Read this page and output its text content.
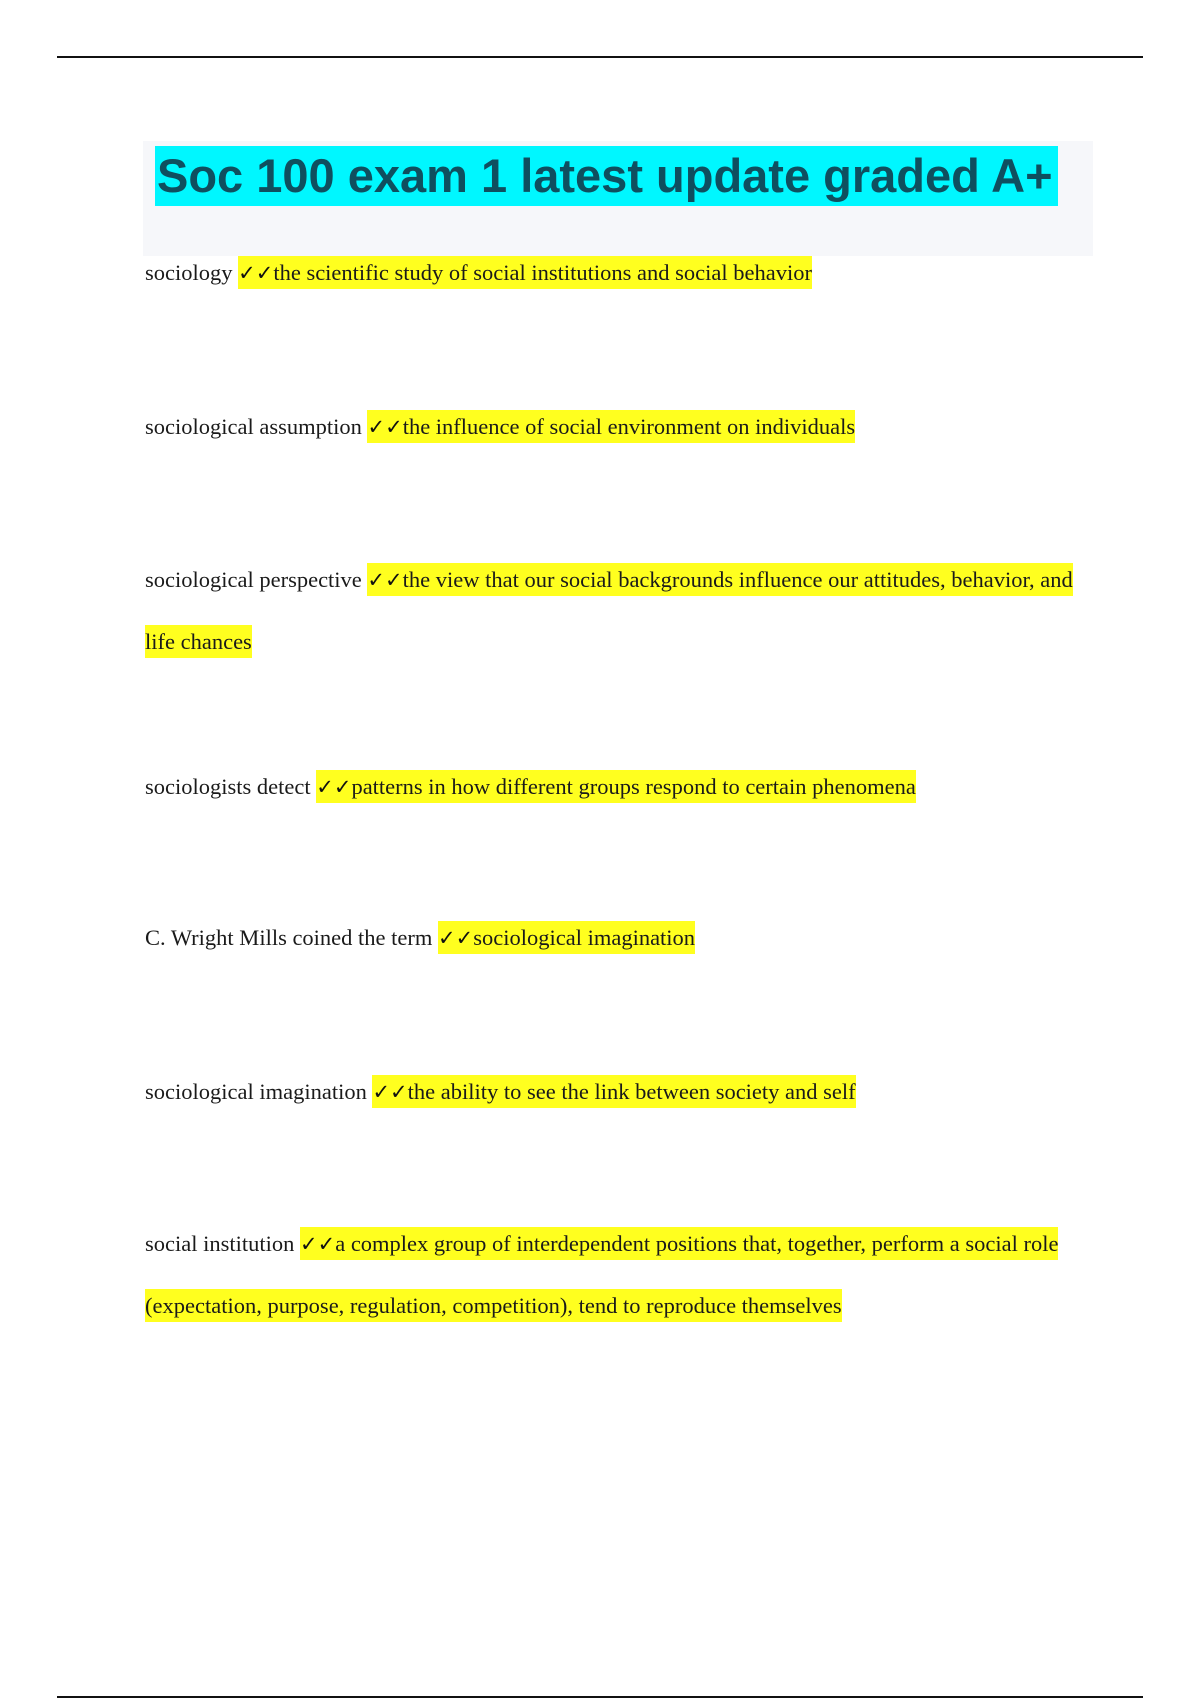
Soc 100 exam 1 latest update graded A+

sociology ✓✓the scientific study of social institutions and social behavior

sociological assumption ✓✓the influence of social environment on individuals

sociological perspective ✓✓the view that our social backgrounds influence our attitudes, behavior, and life chances

sociologists detect ✓✓patterns in how different groups respond to certain phenomena

C. Wright Mills coined the term ✓✓sociological imagination

sociological imagination ✓✓the ability to see the link between society and self

social institution ✓✓a complex group of interdependent positions that, together, perform a social role (expectation, purpose, regulation, competition), tend to reproduce themselves
